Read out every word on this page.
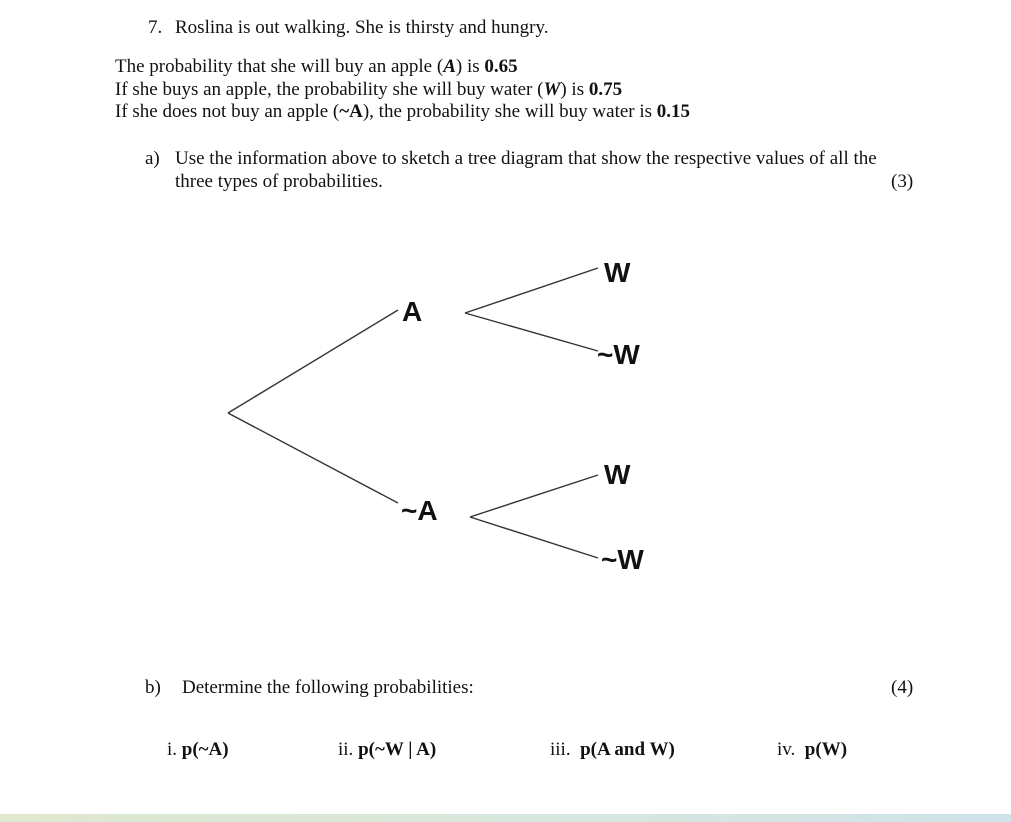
7. Roslina is out walking. She is thirsty and hungry.
The probability that she will buy an apple (A) is 0.65
If she buys an apple, the probability she will buy water (W) is 0.75
If she does not buy an apple (~A), the probability she will buy water is 0.15
a) Use the information above to sketch a tree diagram that show the respective values of all the
three types of probabilities.	(3)
A
~A
W
~W
W
~W
b) Determine the following probabilities:	(4)
i. p(~A)	ii. p(~W | A)	iii. p(A and W)	iv. p(W)
